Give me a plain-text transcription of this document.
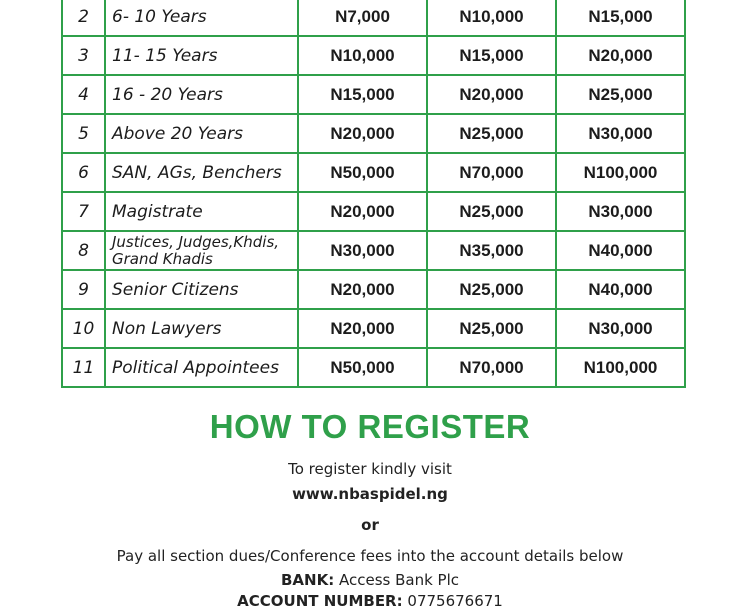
2	6- 10 Years	N7,000	N10,000	N15,000
3	11- 15 Years	N10,000	N15,000	N20,000
4	16 - 20 Years	N15,000	N20,000	N25,000
5	Above 20 Years	N20,000	N25,000	N30,000
6	SAN, AGs, Benchers	N50,000	N70,000	N100,000
7	Magistrate	N20,000	N25,000	N30,000
8	Justices, Judges,Khdis, Grand Khadis	N30,000	N35,000	N40,000
9	Senior Citizens	N20,000	N25,000	N40,000
10	Non Lawyers	N20,000	N25,000	N30,000
11	Political Appointees	N50,000	N70,000	N100,000
HOW TO REGISTER
To register kindly visit
www.nbaspidel.ng
or
Pay all section dues/Conference fees into the account details below
BANK: Access Bank Plc
ACCOUNT NUMBER: 0775676671
